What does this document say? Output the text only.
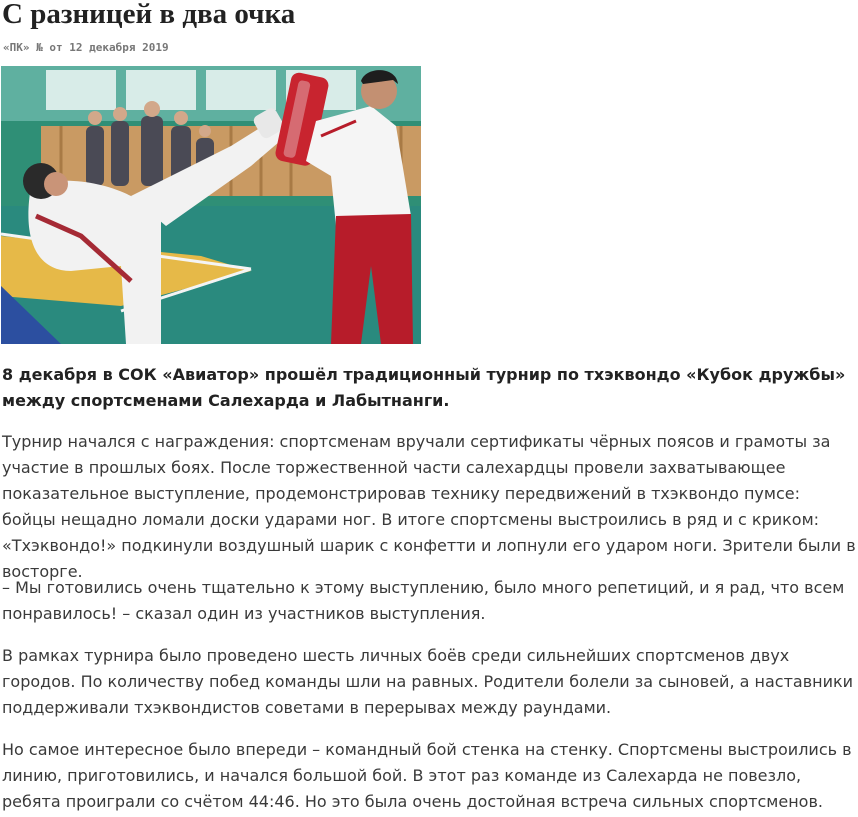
С разницей в два очка
«ПК» № от 12 декабря 2019

8 декабря в СОК «Авиатор» прошёл традиционный турнир по тхэквондо «Кубок дружбы» между спортсменами Салехарда и Лабытнанги.

Турнир начался с награждения: спортсменам вручали сертификаты чёрных поясов и грамоты за участие в прошлых боях. После торжественной части салехардцы провели захватывающее показательное выступление, продемонстрировав технику передвижений в тхэквондо пумсе: бойцы нещадно ломали доски ударами ног. В итоге спортсмены выстроились в ряд и с криком: «Тхэквондо!» подкинули воздушный шарик с конфетти и лопнули его ударом ноги. Зрители были в восторге.

– Мы готовились очень тщательно к этому выступлению, было много репетиций, и я рад, что всем понравилось! – сказал один из участников выступления.

В рамках турнира было проведено шесть личных боёв среди сильнейших спортсменов двух городов. По количеству побед команды шли на равных. Родители болели за сыновей, а наставники поддерживали тхэквондистов советами в перерывах между раундами.

Но самое интересное было впереди – командный бой стенка на стенку. Спортсмены выстроились в линию, приготовились, и начался большой бой. В этот раз команде из Салехарда не повезло, ребята проиграли со счётом 44:46. Но это была очень достойная встреча сильных спортсменов.
